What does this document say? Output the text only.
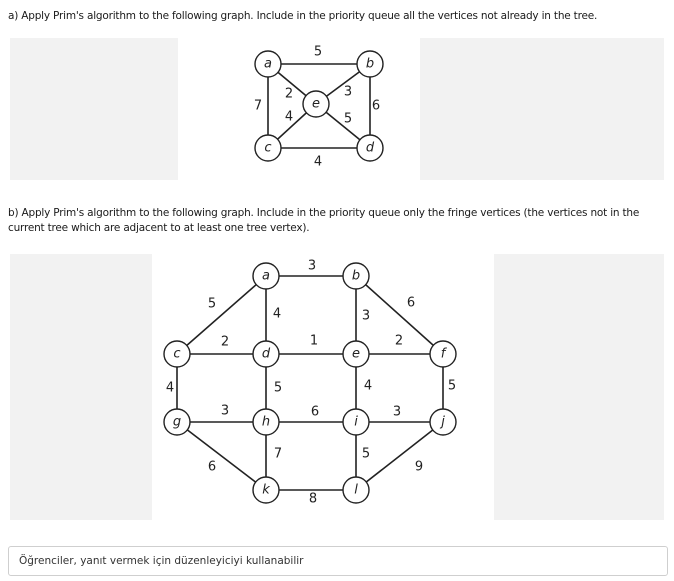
a) Apply Prim's algorithm to the following graph. Include in the priority queue all the vertices not already in the tree.
5
7	6
4
2	3
4	5
a	b
e
c	d
b) Apply Prim's algorithm to the following graph. Include in the priority queue only the fringe vertices (the vertices not in the current tree which are adjacent to at least one tree vertex).
3
5
4	3
6
2
4
1
5
2
4	5
3
6
6
7
3
5
9
8
a	b
c	d	e	f
g	h	i	j
k	l
Öğrenciler, yanıt vermek için düzenleyiciyi kullanabilir
